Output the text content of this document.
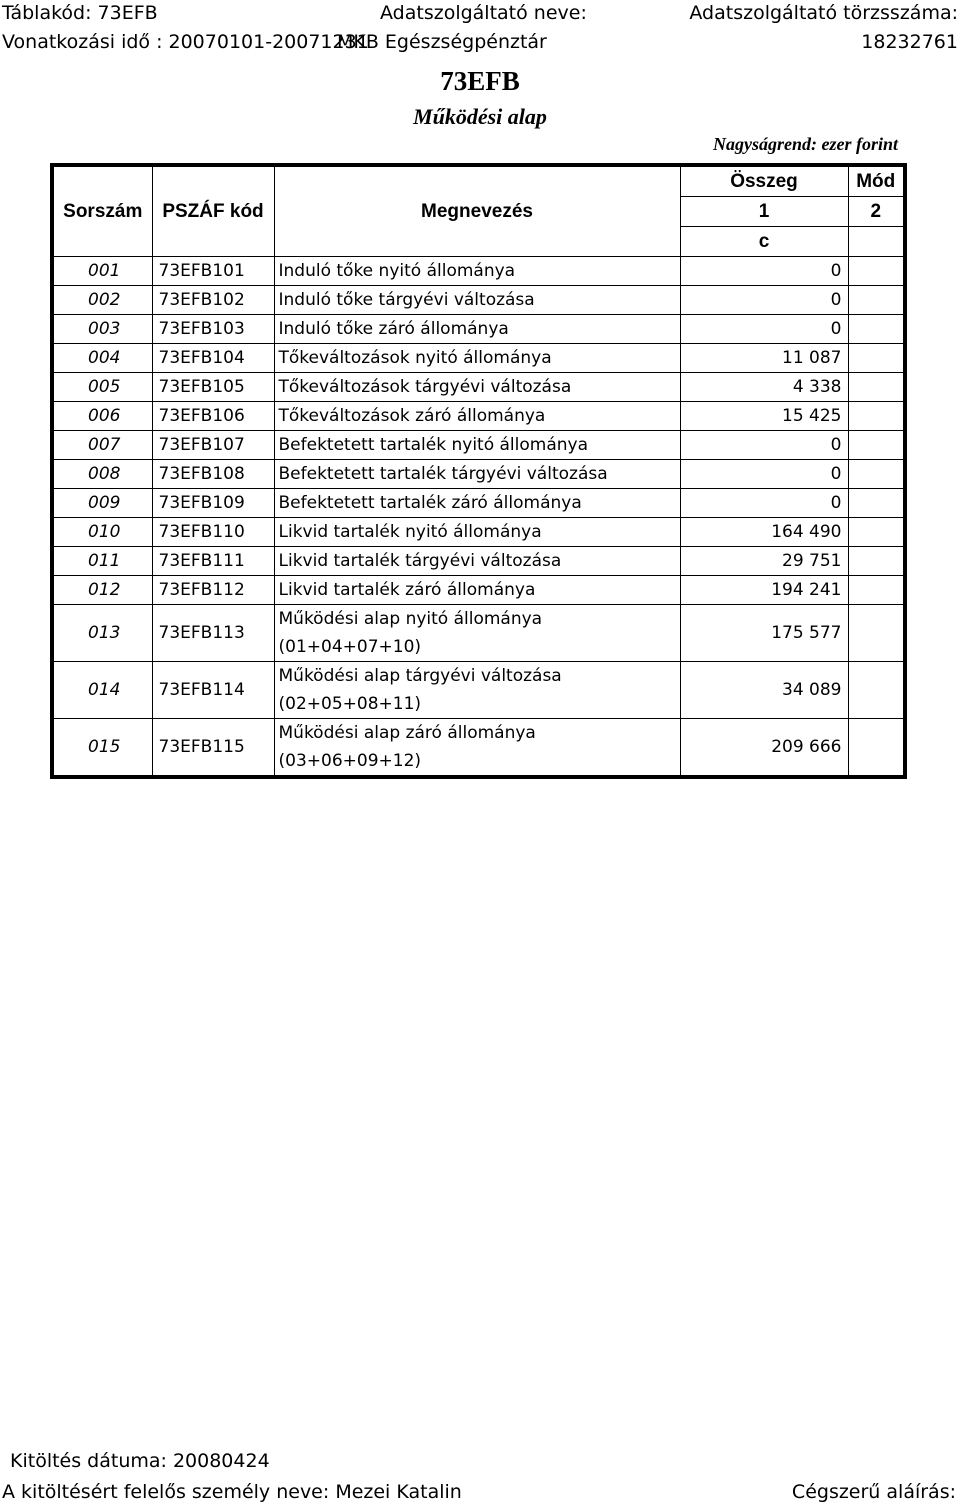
Táblakód: 73EFB	Adatszolgáltató neve:	Adatszolgáltató törzsszáma:
Vonatkozási idő : 20070101-20071231
MKB Egészségpénztár	18232761
73EFB
Működési alap
Nagyságrend: ezer forint
Sorszám	PSZÁF kód	Megnevezés	Összeg	Mód
			1	2
			c	
001	73EFB101	Induló tőke nyitó állománya	0	
002	73EFB102	Induló tőke tárgyévi változása	0	
003	73EFB103	Induló tőke záró állománya	0	
004	73EFB104	Tőkeváltozások nyitó állománya	11 087	
005	73EFB105	Tőkeváltozások tárgyévi változása	4 338	
006	73EFB106	Tőkeváltozások záró állománya	15 425	
007	73EFB107	Befektetett tartalék nyitó állománya	0	
008	73EFB108	Befektetett tartalék tárgyévi változása	0	
009	73EFB109	Befektetett tartalék záró állománya	0	
010	73EFB110	Likvid tartalék nyitó állománya	164 490	
011	73EFB111	Likvid tartalék tárgyévi változása	29 751	
012	73EFB112	Likvid tartalék záró állománya	194 241	
013	73EFB113	Működési alap nyitó állománya
(01+04+07+10)	175 577	
014	73EFB114	Működési alap tárgyévi változása
(02+05+08+11)	34 089	
015	73EFB115	Működési alap záró állománya
(03+06+09+12)	209 666	
Kitöltés dátuma: 20080424
A kitöltésért felelős személy neve: Mezei Katalin	Cégszerű aláírás:
